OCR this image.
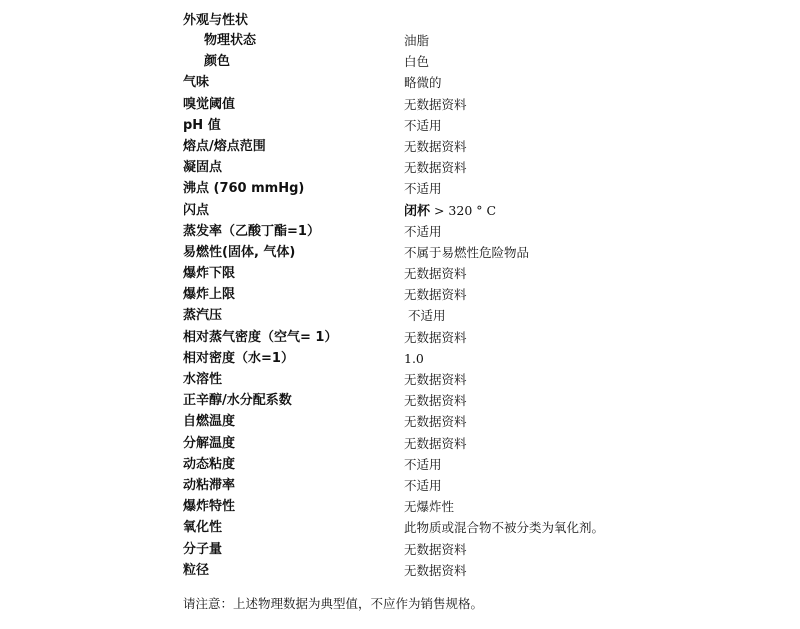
外观与性状
物理状态	油脂
颜色	白色
气味	略微的
嗅觉阈值	无数据资料
pH 值	不适用
熔点/熔点范围	无数据资料
凝固点	无数据资料
沸点 (760 mmHg)	不适用
闪点	闭杯 > 320 ° C
蒸发率（乙酸丁酯=1）	不适用
易燃性(固体, 气体)	不属于易燃性危险物品
爆炸下限	无数据资料
爆炸上限	无数据资料
蒸汽压	不适用
相对蒸气密度（空气= 1）	无数据资料
相对密度（水=1）	1.0
水溶性	无数据资料
正辛醇/水分配系数	无数据资料
自燃温度	无数据资料
分解温度	无数据资料
动态粘度	不适用
动粘滞率	不适用
爆炸特性	无爆炸性
氧化性	此物质或混合物不被分类为氧化剂。
分子量	无数据资料
粒径	无数据资料
请注意：上述物理数据为典型值，不应作为销售规格。
